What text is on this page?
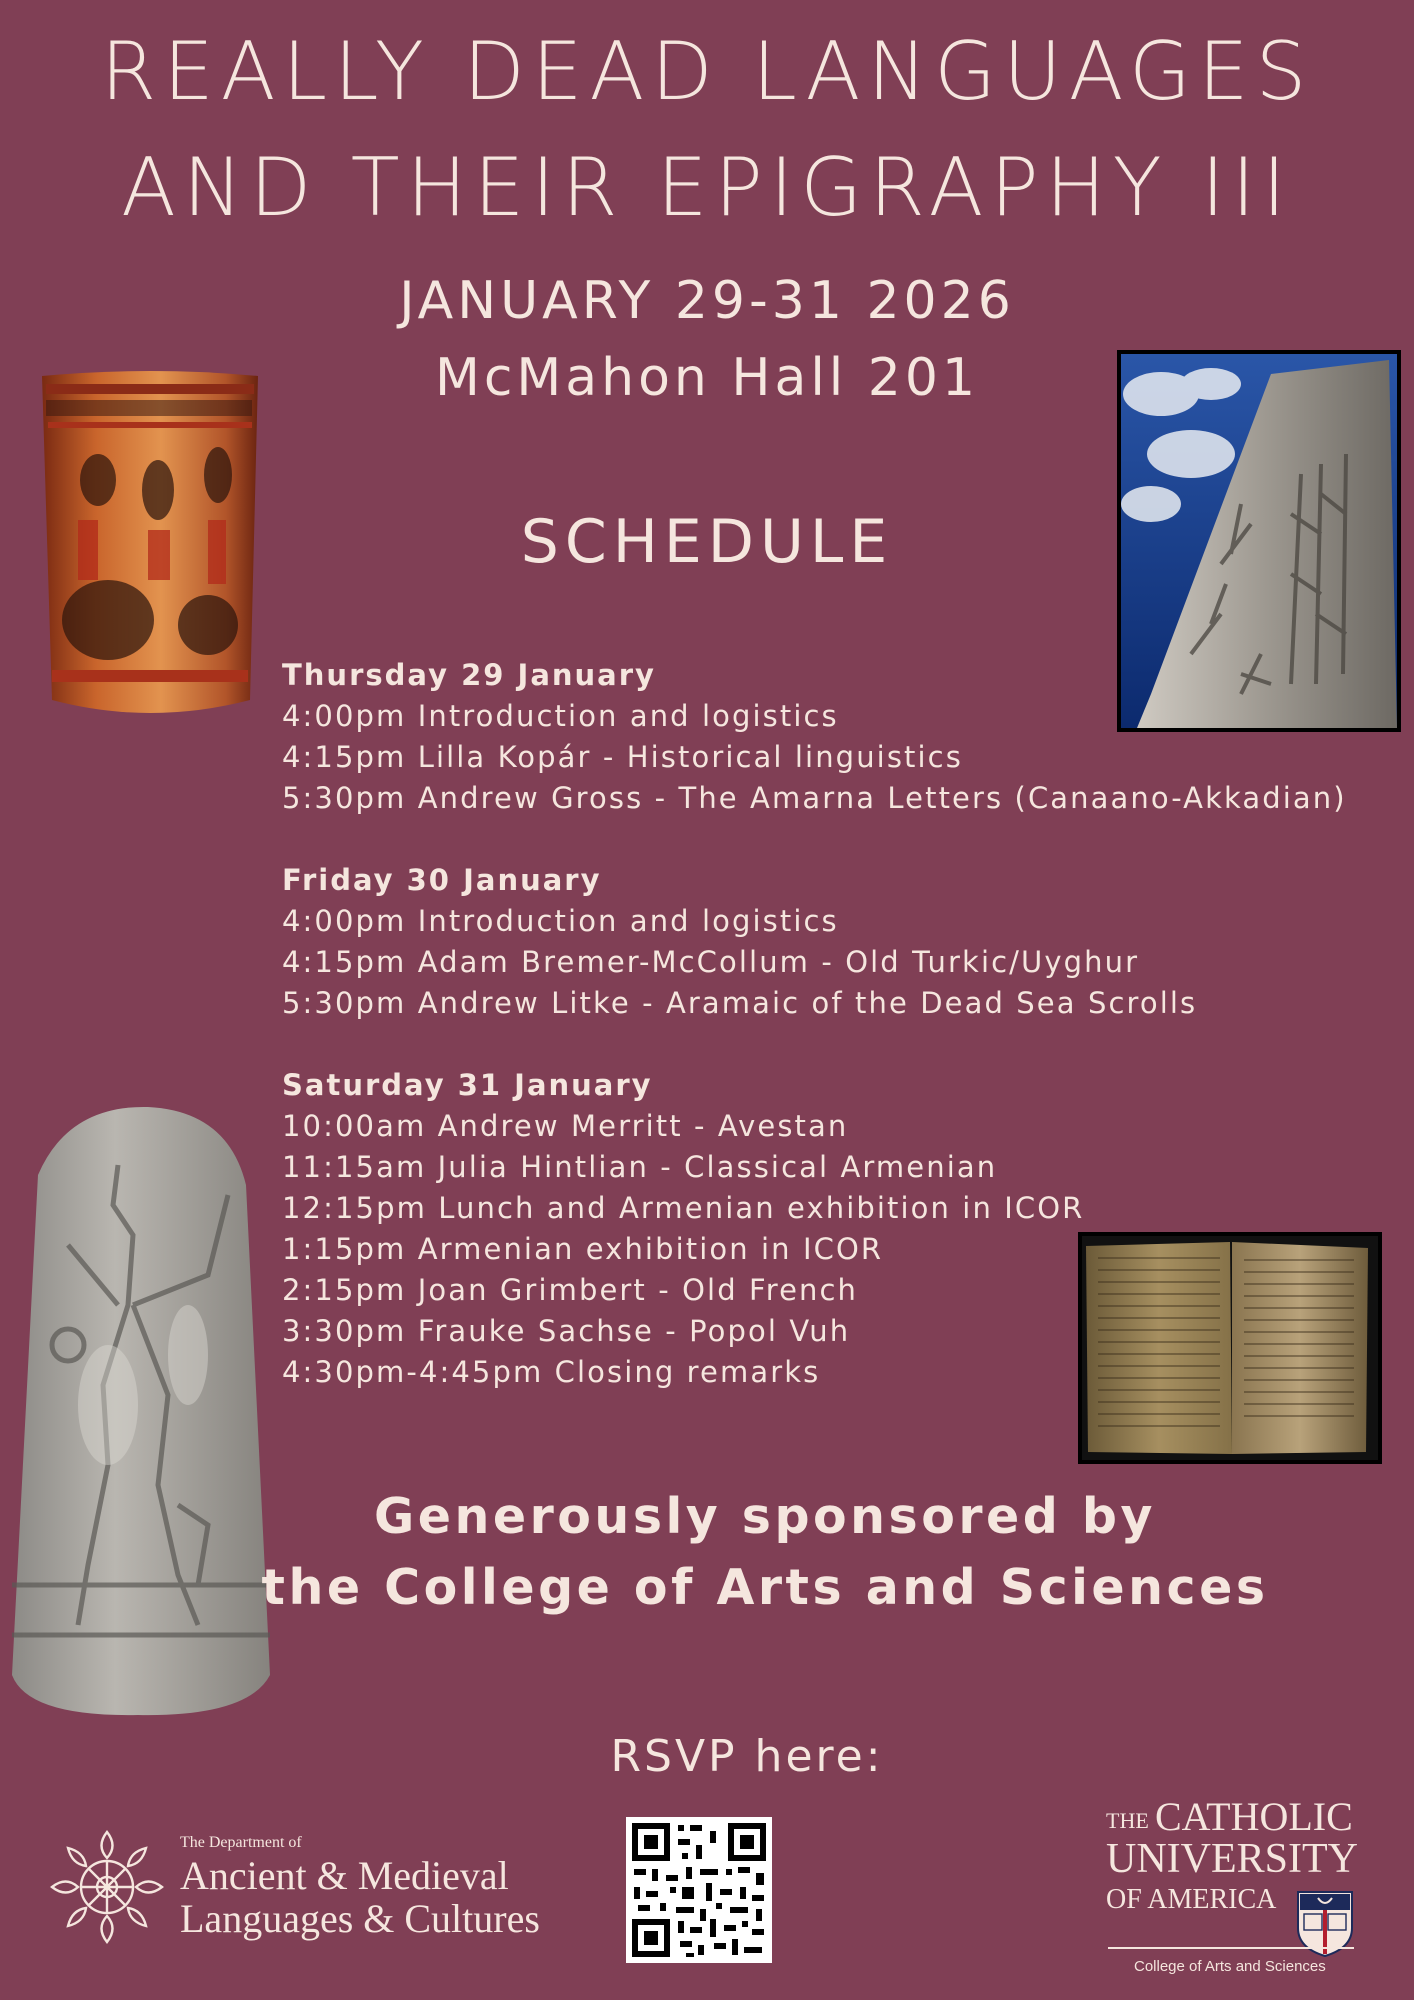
REALLY DEAD LANGUAGES
AND THEIR EPIGRAPHY III
JANUARY 29-31 2026
McMahon Hall 201
SCHEDULE
Thursday 29 January
4:00pm Introduction and logistics
4:15pm Lilla Kopár - Historical linguistics
5:30pm Andrew Gross - The Amarna Letters (Canaano-Akkadian)
Friday 30 January
4:00pm Introduction and logistics
4:15pm Adam Bremer-McCollum - Old Turkic/Uyghur
5:30pm Andrew Litke - Aramaic of the Dead Sea Scrolls
Saturday 31 January
10:00am Andrew Merritt - Avestan
11:15am Julia Hintlian - Classical Armenian
12:15pm Lunch and Armenian exhibition in ICOR
1:15pm Armenian exhibition in ICOR
2:15pm Joan Grimbert - Old French
3:30pm Frauke Sachse - Popol Vuh
4:30pm-4:45pm Closing remarks
Generously sponsored by
the College of Arts and Sciences
RSVP here:
The Department of
Ancient & Medieval
Languages & Cultures
THE CATHOLIC
UNIVERSITY
OF AMERICA
College of Arts and Sciences
